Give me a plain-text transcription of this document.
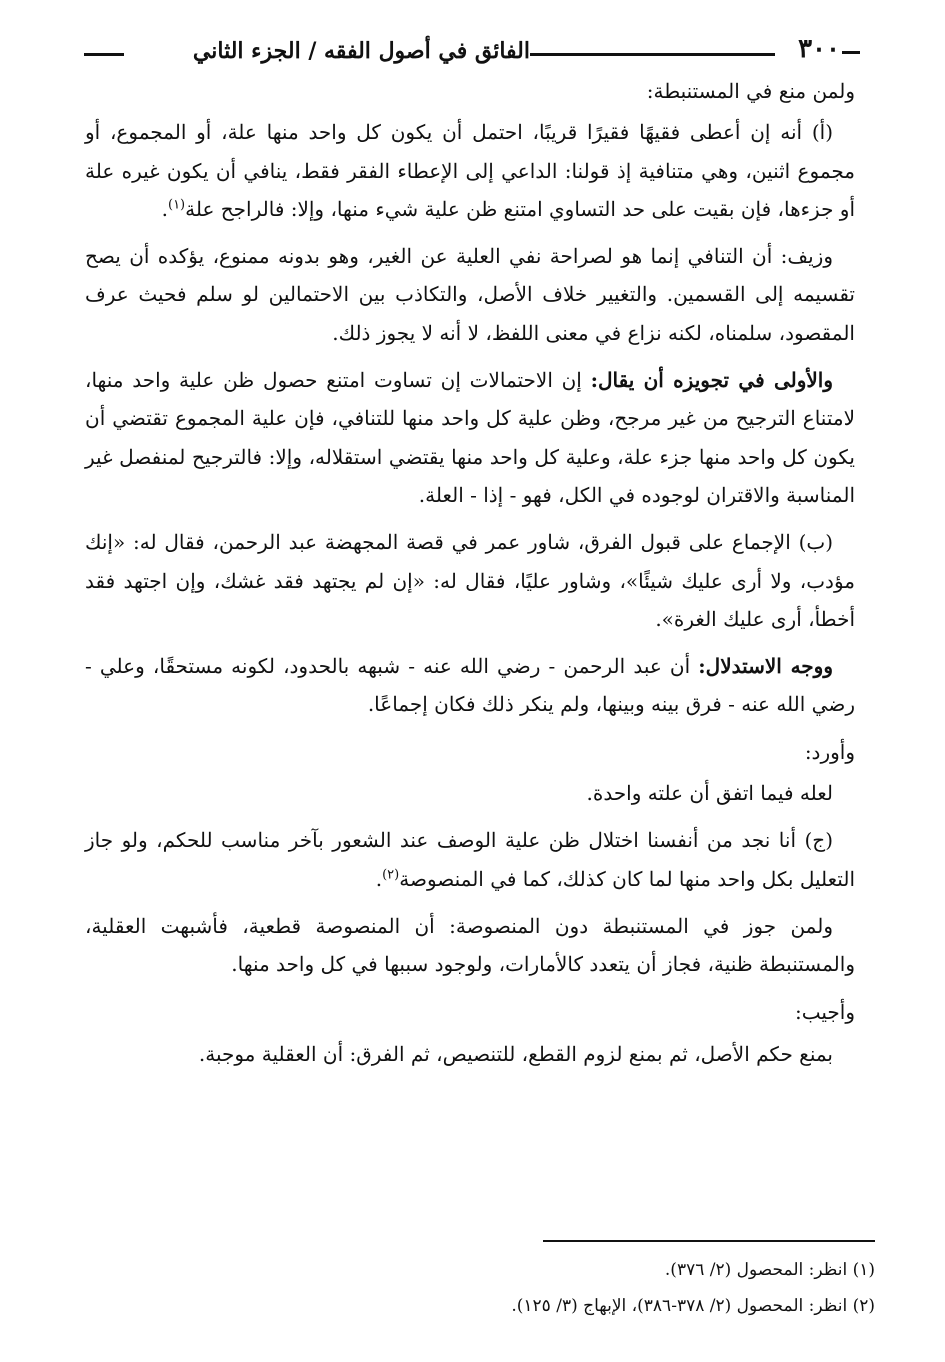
٣٠٠
الفائق في أصول الفقه / الجزء الثاني

ولمن منع في المستنبطة:

(أ) أنه إن أعطى فقيهًا فقيرًا قريبًا، احتمل أن يكون كل واحد منها علة، أو المجموع، أو مجموع اثنين، وهي متنافية إذ قولنا: الداعي إلى الإعطاء الفقر فقط، ينافي أن يكون غيره علة أو جزءها، فإن بقيت على حد التساوي امتنع ظن علية شيء منها، وإلا: فالراجح علة$^{(١)}$.

وزيف: أن التنافي إنما هو لصراحة نفي العلية عن الغير، وهو بدونه ممنوع، يؤكده أن يصح تقسيمه إلى القسمين. والتغيير خلاف الأصل، والتكاذب بين الاحتمالين لو سلم فحيث عرف المقصود، سلمناه، لكنه نزاع في معنى اللفظ، لا أنه لا يجوز ذلك.

والأولى في تجويزه أن يقال: إن الاحتمالات إن تساوت امتنع حصول ظن علية واحد منها، لامتناع الترجيح من غير مرجح، وظن علية كل واحد منها للتنافي، فإن علية المجموع تقتضي أن يكون كل واحد منها جزء علة، وعلية كل واحد منها يقتضي استقلاله، وإلا: فالترجيح لمنفصل غير المناسبة والاقتران لوجوده في الكل، فهو - إذا - العلة.

(ب) الإجماع على قبول الفرق، شاور عمر في قصة المجهضة عبد الرحمن، فقال له: «إنك مؤدب، ولا أرى عليك شيئًا»، وشاور عليًا، فقال له: «إن لم يجتهد فقد غشك، وإن اجتهد فقد أخطأ، أرى عليك الغرة».

ووجه الاستدلال: أن عبد الرحمن - رضي الله عنه - شبهه بالحدود، لكونه مستحقًا، وعلي - رضي الله عنه - فرق بينه وبينها، ولم ينكر ذلك فكان إجماعًا.

وأورد:

لعله فيما اتفق أن علته واحدة.

(ج) أنا نجد من أنفسنا اختلال ظن علية الوصف عند الشعور بآخر مناسب للحكم، ولو جاز التعليل بكل واحد منها لما كان كذلك، كما في المنصوصة$^{(٢)}$.

ولمن جوز في المستنبطة دون المنصوصة: أن المنصوصة قطعية، فأشبهت العقلية، والمستنبطة ظنية، فجاز أن يتعدد كالأمارات، ولوجود سببها في كل واحد منها.

وأجيب:

بمنع حكم الأصل، ثم بمنع لزوم القطع، للتنصيص، ثم الفرق: أن العقلية موجبة.

(١) انظر: المحصول (٢/ ٣٧٦).
(٢) انظر: المحصول (٢/ ٣٧٨-٣٨٦)، الإبهاج (٣/ ١٢٥).
